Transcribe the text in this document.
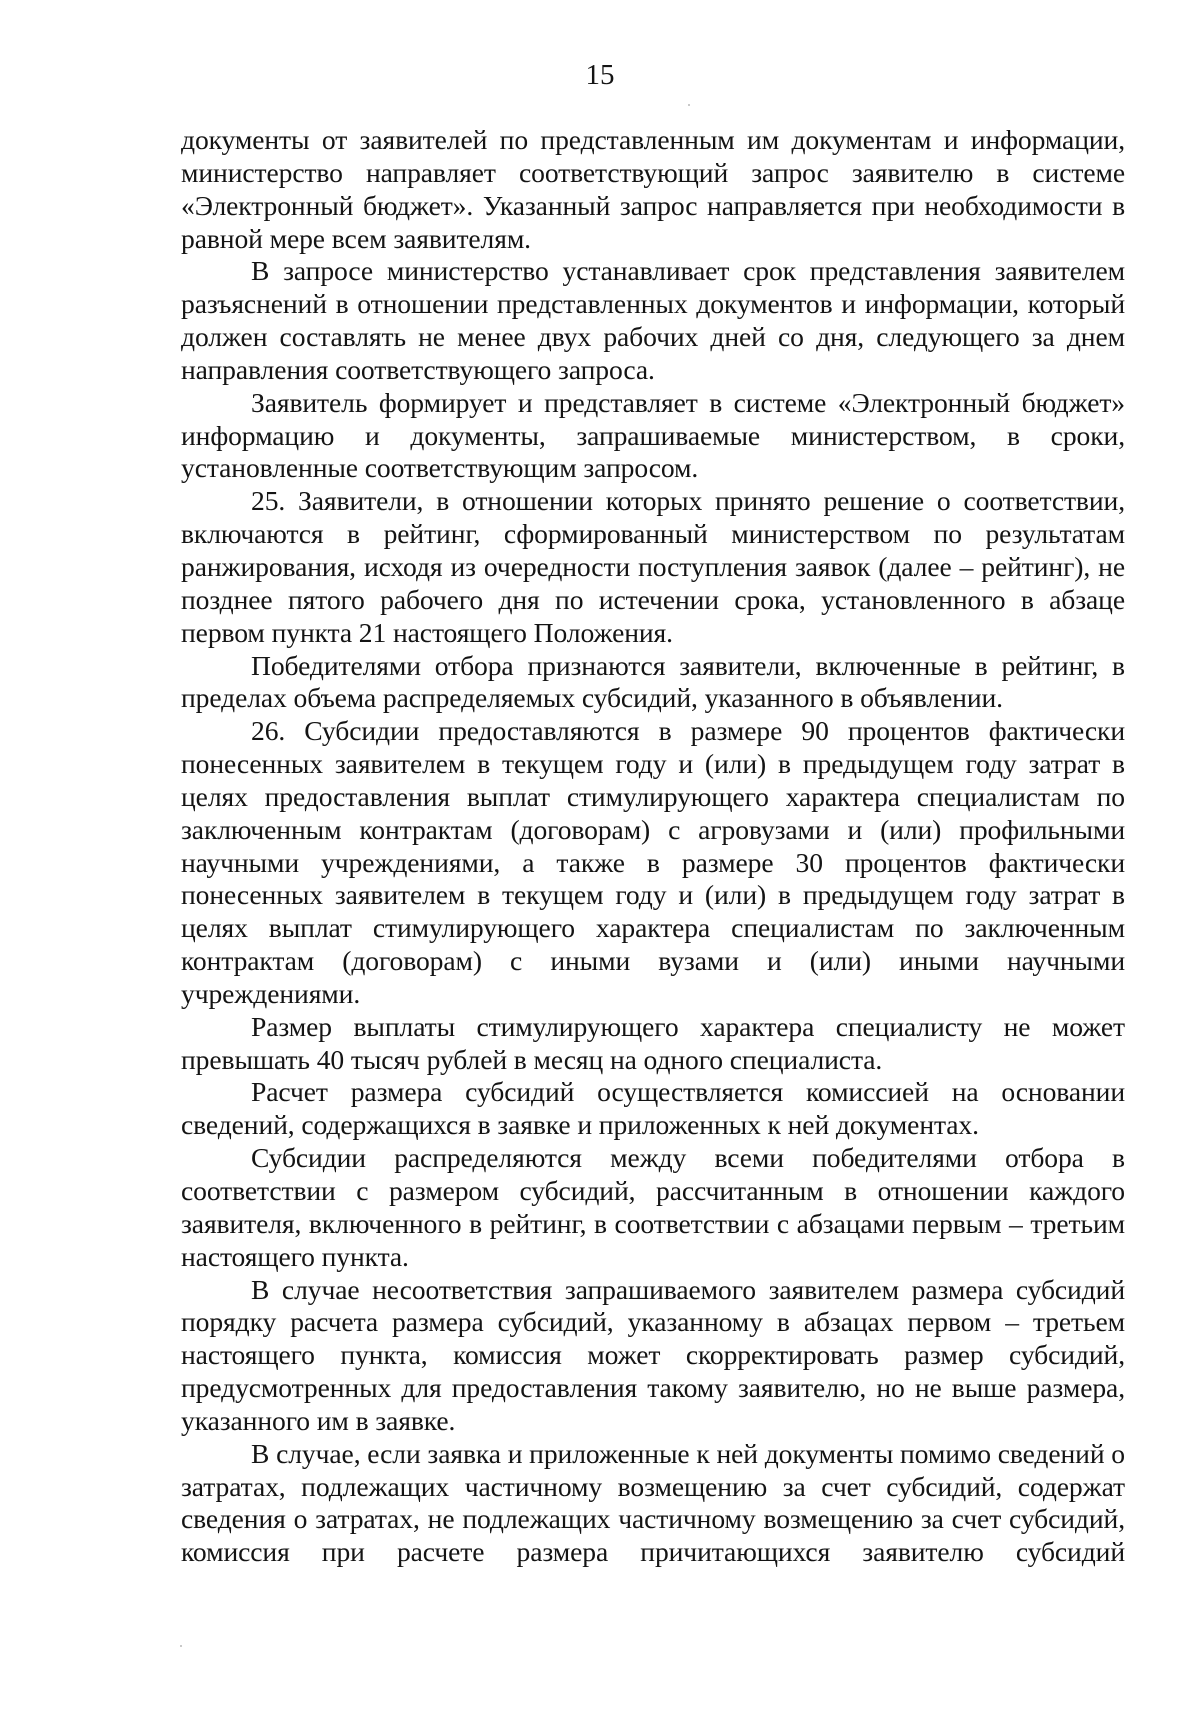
15

документы от заявителей по представленным им документам и информации, министерство направляет соответствующий запрос заявителю в системе «Электронный бюджет». Указанный запрос направляется при необходимости в равной мере всем заявителям.

В запросе министерство устанавливает срок представления заявителем разъяснений в отношении представленных документов и информации, который должен составлять не менее двух рабочих дней со дня, следующего за днем направления соответствующего запроса.

Заявитель формирует и представляет в системе «Электронный бюджет» информацию и документы, запрашиваемые министерством, в сроки, установленные соответствующим запросом.

25. Заявители, в отношении которых принято решение о соответствии, включаются в рейтинг, сформированный министерством по результатам ранжирования, исходя из очередности поступления заявок (далее – рейтинг), не позднее пятого рабочего дня по истечении срока, установленного в абзаце первом пункта 21 настоящего Положения.

Победителями отбора признаются заявители, включенные в рейтинг, в пределах объема распределяемых субсидий, указанного в объявлении.

26. Субсидии предоставляются в размере 90 процентов фактически понесенных заявителем в текущем году и (или) в предыдущем году затрат в целях предоставления выплат стимулирующего характера специалистам по заключенным контрактам (договорам) с агровузами и (или) профильными научными учреждениями, а также в размере 30 процентов фактически понесенных заявителем в текущем году и (или) в предыдущем году затрат в целях выплат стимулирующего характера специалистам по заключенным контрактам (договорам) с иными вузами и (или) иными научными учреждениями.

Размер выплаты стимулирующего характера специалисту не может превышать 40 тысяч рублей в месяц на одного специалиста.

Расчет размера субсидий осуществляется комиссией на основании сведений, содержащихся в заявке и приложенных к ней документах.

Субсидии распределяются между всеми победителями отбора в соответствии с размером субсидий, рассчитанным в отношении каждого заявителя, включенного в рейтинг, в соответствии с абзацами первым – третьим настоящего пункта.

В случае несоответствия запрашиваемого заявителем размера субсидий порядку расчета размера субсидий, указанному в абзацах первом – третьем настоящего пункта, комиссия может скорректировать размер субсидий, предусмотренных для предоставления такому заявителю, но не выше размера, указанного им в заявке.

В случае, если заявка и приложенные к ней документы помимо сведений о затратах, подлежащих частичному возмещению за счет субсидий, содержат сведения о затратах, не подлежащих частичному возмещению за счет субсидий, комиссия при расчете размера причитающихся заявителю субсидий
